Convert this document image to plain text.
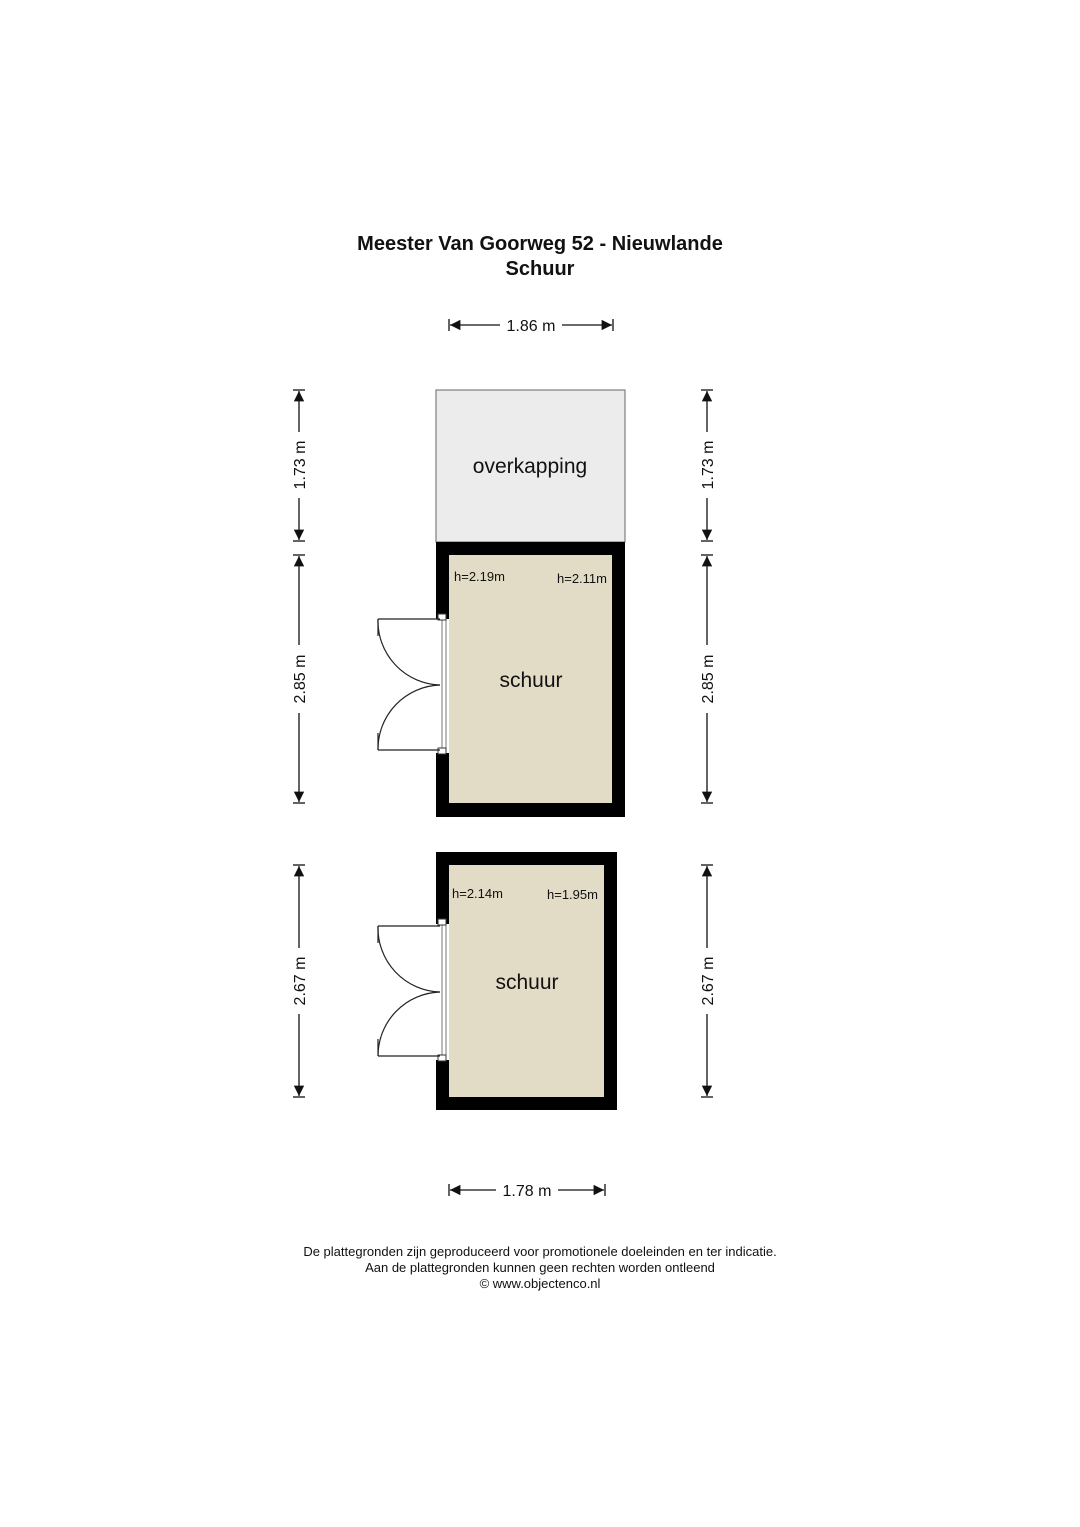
Meester Van Goorweg 52 - Nieuwlande
Schuur
1.86 m
overkapping
h=2.19m	h=2.11m
schuur
h=2.14m	h=1.95m
schuur
1.73 m
2.85 m
2.67 m
1.73 m
2.85 m
2.67 m
1.78 m
De plattegronden zijn geproduceerd voor promotionele doeleinden en ter indicatie.
Aan de plattegronden kunnen geen rechten worden ontleend
© www.objectenco.nl
